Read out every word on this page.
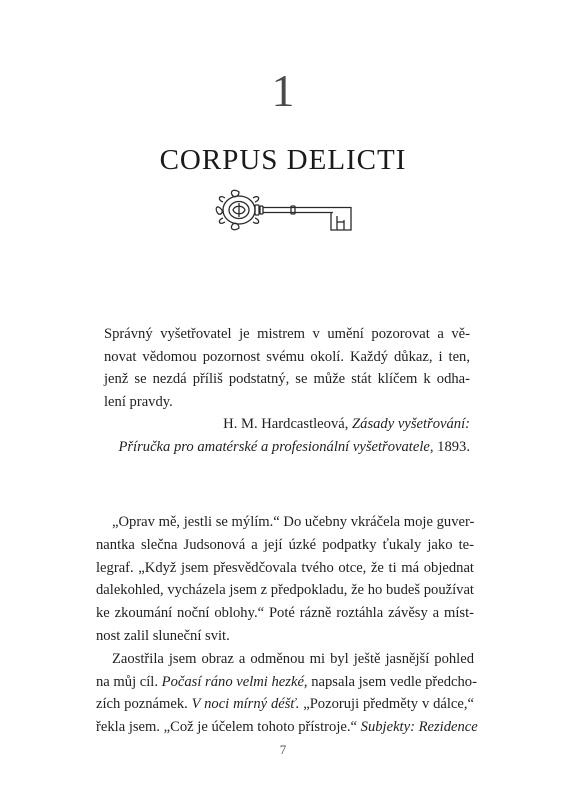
1
CORPUS DELICTI
Správný vyšetřovatel je mistrem v umění pozorovat a vě-
novat vědomou pozornost svému okolí. Každý důkaz, i ten,
jenž se nezdá příliš podstatný, se může stát klíčem k odha-
lení pravdy.
H. M. Hardcastleová, Zásady vyšetřování:
Příručka pro amatérské a profesionální vyšetřovatele, 1893.
„Oprav mě, jestli se mýlím.“ Do učebny vkráčela moje guver-
nantka slečna Judsonová a její úzké podpatky ťukaly jako te-
legraf. „Když jsem přesvědčovala tvého otce, že ti má objednat
dalekohled, vycházela jsem z předpokladu, že ho budeš používat
ke zkoumání noční oblohy.“ Poté rázně roztáhla závěsy a míst-
nost zalil sluneční svit.
Zaostřila jsem obraz a odměnou mi byl ještě jasnější pohled
na můj cíl. Počasí ráno velmi hezké, napsala jsem vedle předcho-
zích poznámek. V noci mírný déšť. „Pozoruji předměty v dálce,“
řekla jsem. „Což je účelem tohoto přístroje.“ Subjekty: Rezidence
7
